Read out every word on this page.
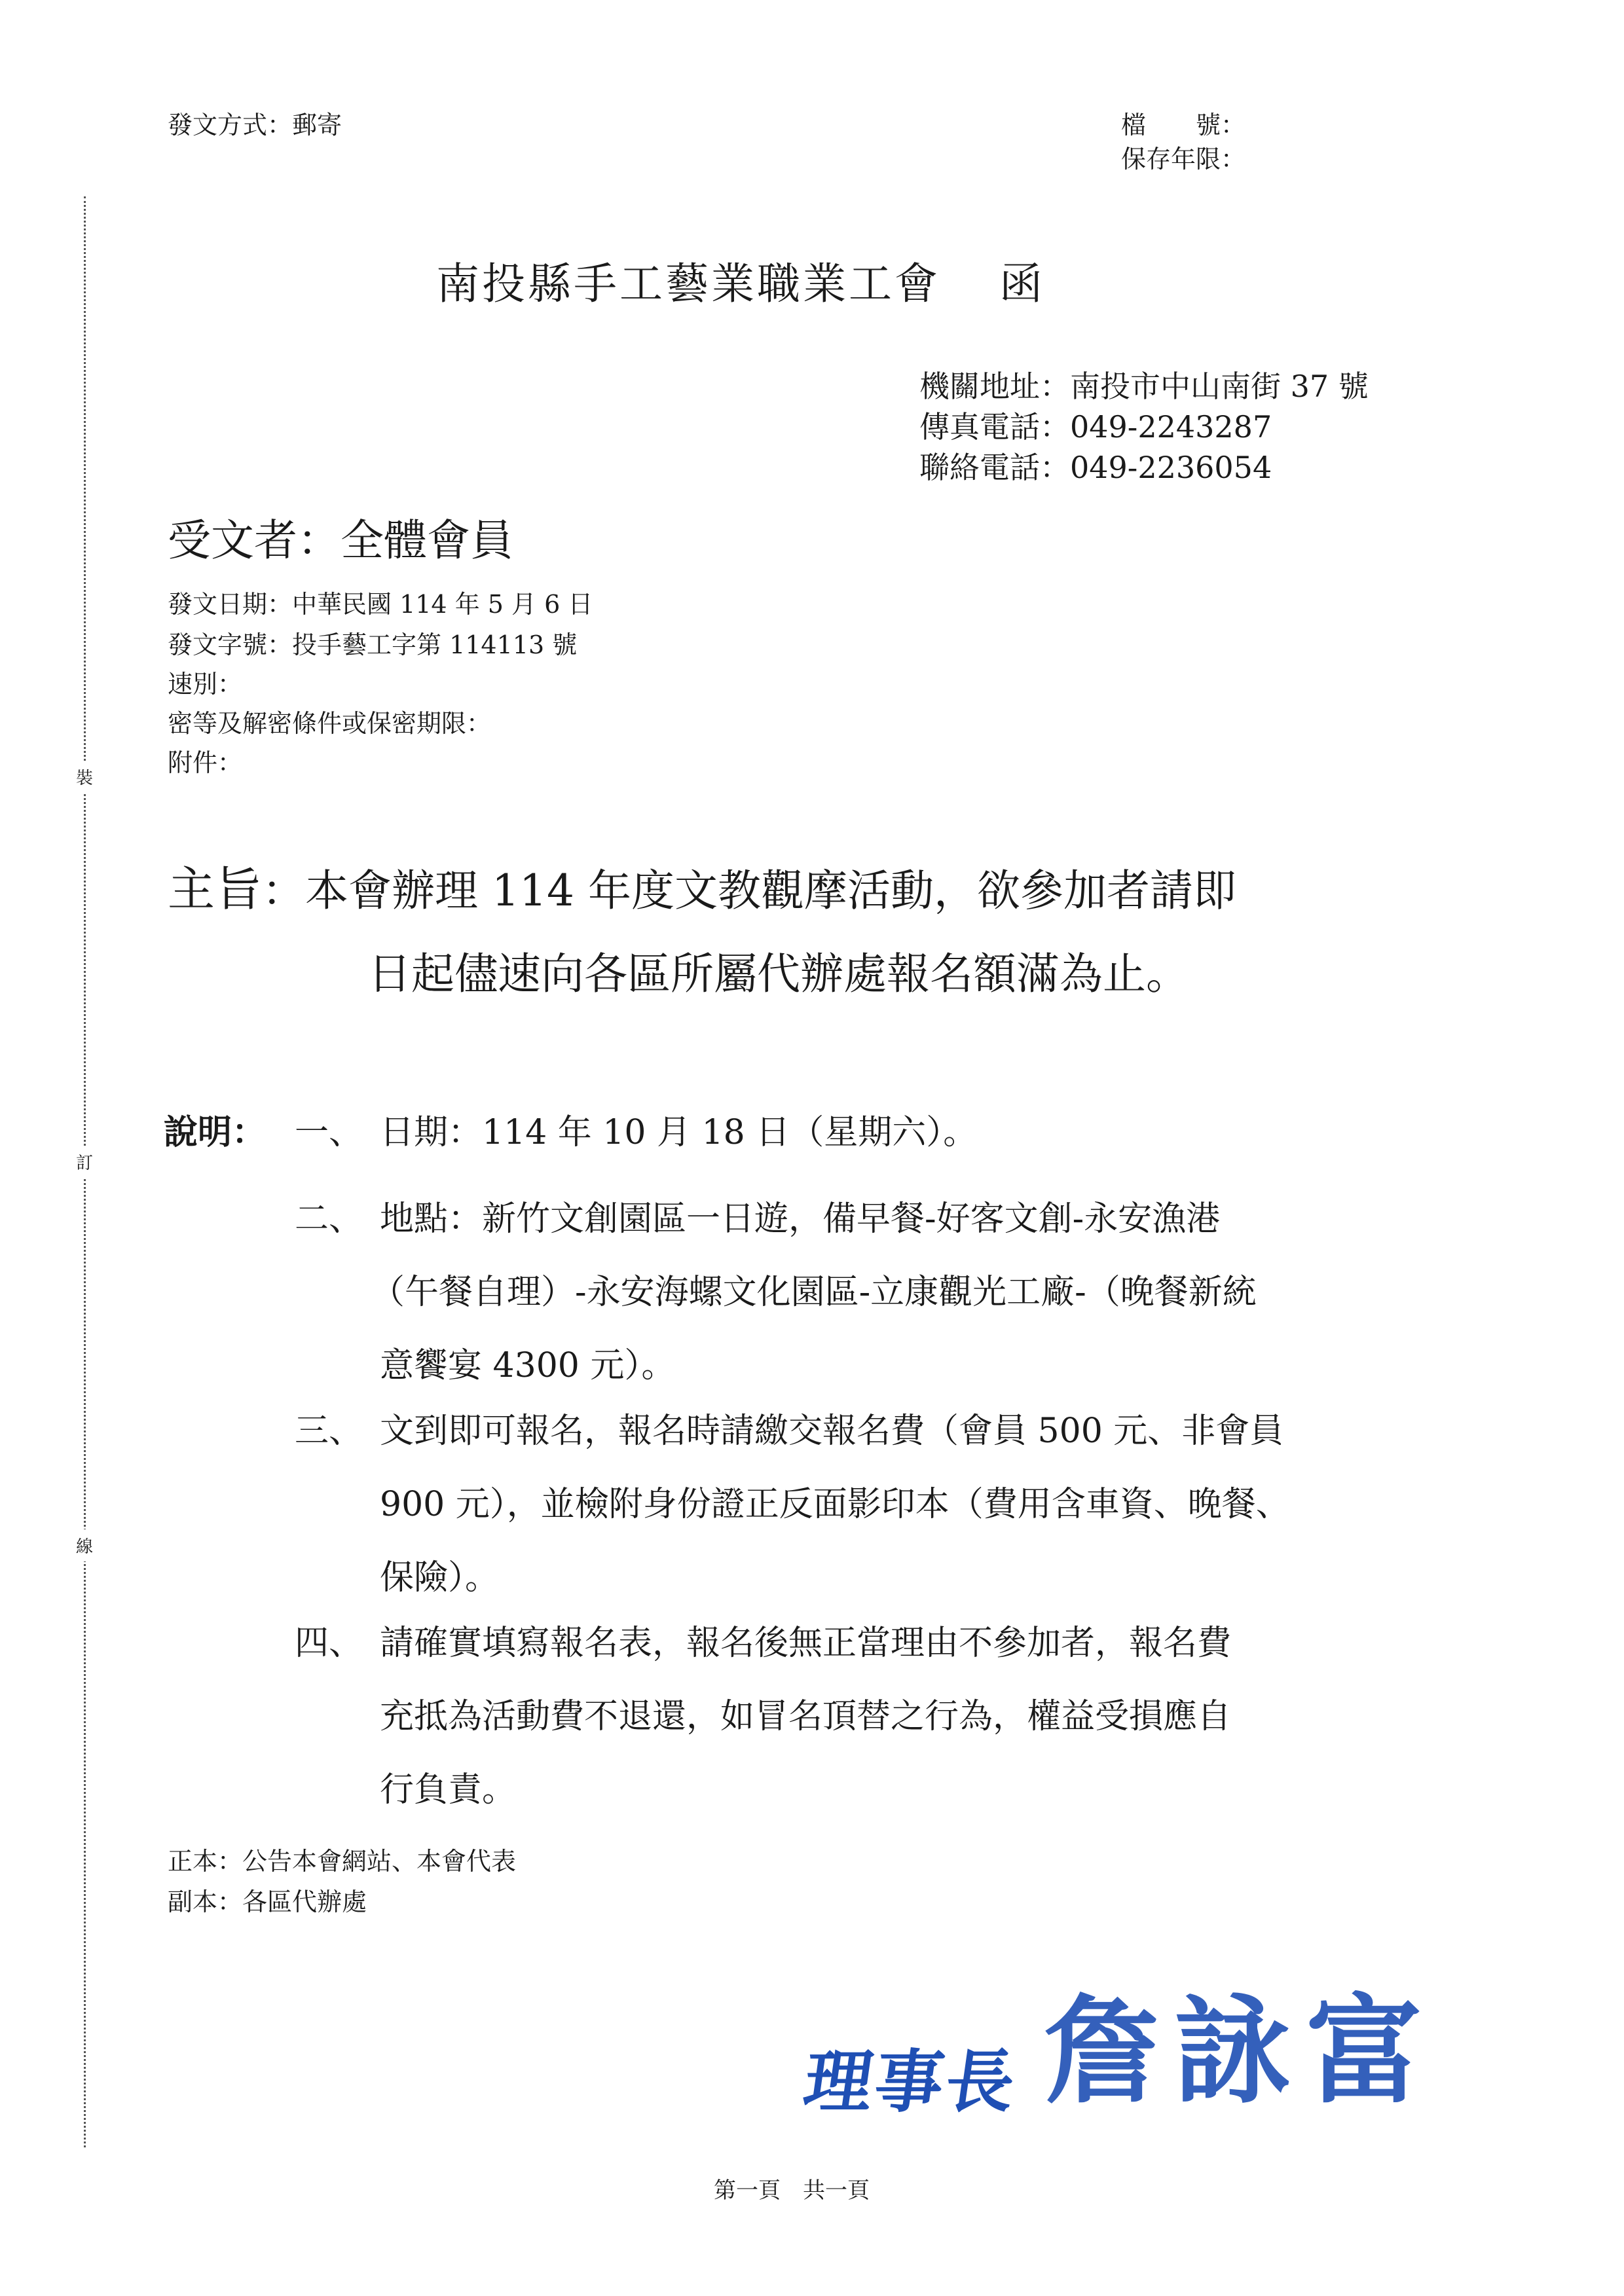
發文方式：郵寄	檔　　號：
保存年限：
裝
訂
線
南投縣手工藝業職業工會 函
機關地址：南投市中山南街 37 號
傳真電話：049-2243287
聯絡電話：049-2236054
受文者：全體會員
發文日期：中華民國 114 年 5 月 6 日
發文字號：投手藝工字第 114113 號
速別：
密等及解密條件或保密期限：
附件：
主旨：本會辦理 114 年度文教觀摩活動，欲參加者請即
日起儘速向各區所屬代辦處報名額滿為止。
說明： 一、 日期：114 年 10 月 18 日（星期六）。
二、 地點：新竹文創園區一日遊，備早餐-好客文創-永安漁港
（午餐自理）-永安海螺文化園區-立康觀光工廠-（晚餐新統
意饗宴 4300 元）。
三、 文到即可報名，報名時請繳交報名費（會員 500 元、非會員
900 元），並檢附身份證正反面影印本（費用含車資、晚餐、
保險）。
四、 請確實填寫報名表，報名後無正當理由不參加者，報名費
充抵為活動費不退還，如冒名頂替之行為，權益受損應自
行負責。
正本：公告本會網站、本會代表
副本：各區代辦處
理事長 詹詠富
第一頁　共一頁
